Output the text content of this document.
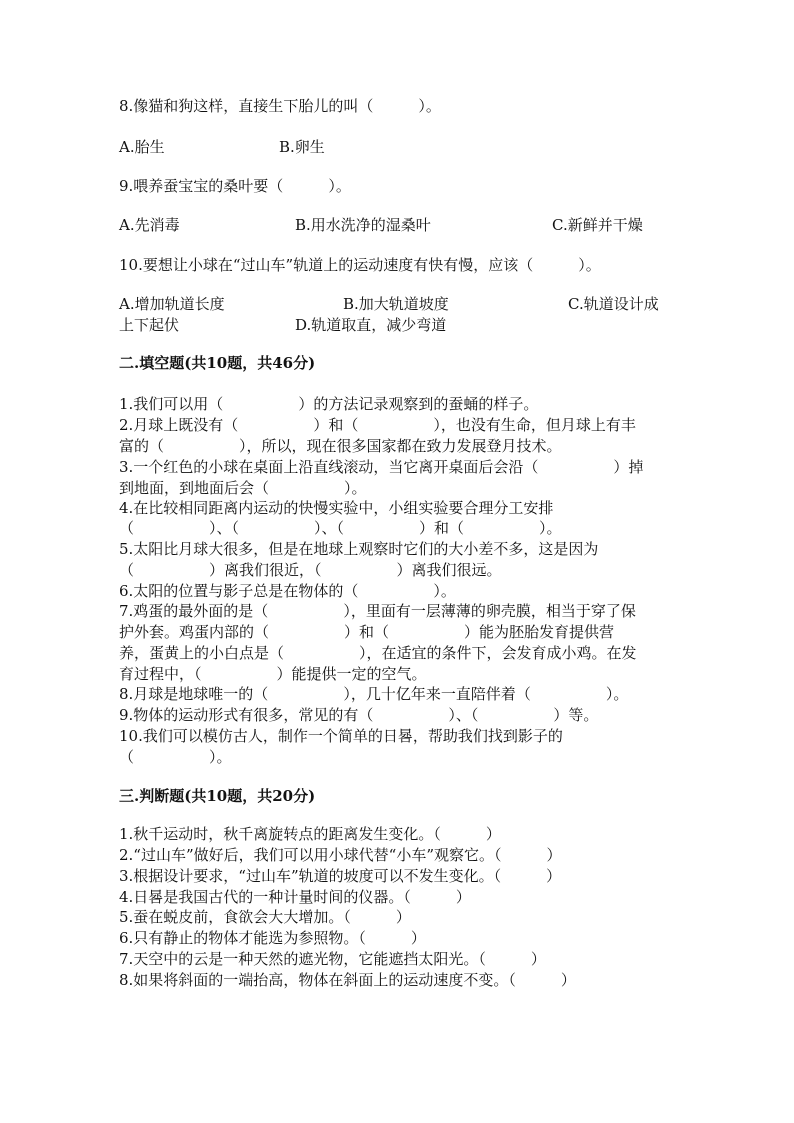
8.像猫和狗这样，直接生下胎儿的叫（　　　）。
A.胎生	B.卵生
9.喂养蚕宝宝的桑叶要（　　　）。
A.先消毒	B.用水洗净的湿桑叶	C.新鲜并干燥
10.要想让小球在“过山车”轨道上的运动速度有快有慢，应该（　　　）。
A.增加轨道长度	B.加大轨道坡度	C.轨道设计成
上下起伏	D.轨道取直，减少弯道
二.填空题(共10题，共46分)
1.我们可以用（　　　　　）的方法记录观察到的蚕蛹的样子。
2.月球上既没有（　　　　　）和（　　　　　），也没有生命，但月球上有丰
富的（　　　　　），所以，现在很多国家都在致力发展登月技术。
3.一个红色的小球在桌面上沿直线滚动，当它离开桌面后会沿（　　　　　）掉
到地面，到地面后会（　　　　　）。
4.在比较相同距离内运动的快慢实验中，小组实验要合理分工安排
（　　　　　）、（　　　　　）、（　　　　　）和（　　　　　）。
5.太阳比月球大很多，但是在地球上观察时它们的大小差不多，这是因为
（　　　　　）离我们很近，（　　　　　）离我们很远。
6.太阳的位置与影子总是在物体的（　　　　　）。
7.鸡蛋的最外面的是（　　　　　），里面有一层薄薄的卵壳膜，相当于穿了保
护外套。鸡蛋内部的（　　　　　）和（　　　　　）能为胚胎发育提供营
养，蛋黄上的小白点是（　　　　　），在适宜的条件下，会发育成小鸡。在发
育过程中，（　　　　　）能提供一定的空气。
8.月球是地球唯一的（　　　　　），几十亿年来一直陪伴着（　　　　　）。
9.物体的运动形式有很多，常见的有（　　　　　）、（　　　　　）等。
10.我们可以模仿古人，制作一个简单的日晷，帮助我们找到影子的
（　　　　　）。
三.判断题(共10题，共20分)
1.秋千运动时，秋千离旋转点的距离发生变化。（　　　）
2.“过山车”做好后，我们可以用小球代替“小车”观察它。（　　　）
3.根据设计要求，“过山车”轨道的坡度可以不发生变化。（　　　）
4.日晷是我国古代的一种计量时间的仪器。（　　　）
5.蚕在蜕皮前，食欲会大大增加。（　　　）
6.只有静止的物体才能选为参照物。（　　　）
7.天空中的云是一种天然的遮光物，它能遮挡太阳光。（　　　）
8.如果将斜面的一端抬高，物体在斜面上的运动速度不变。（　　　）
